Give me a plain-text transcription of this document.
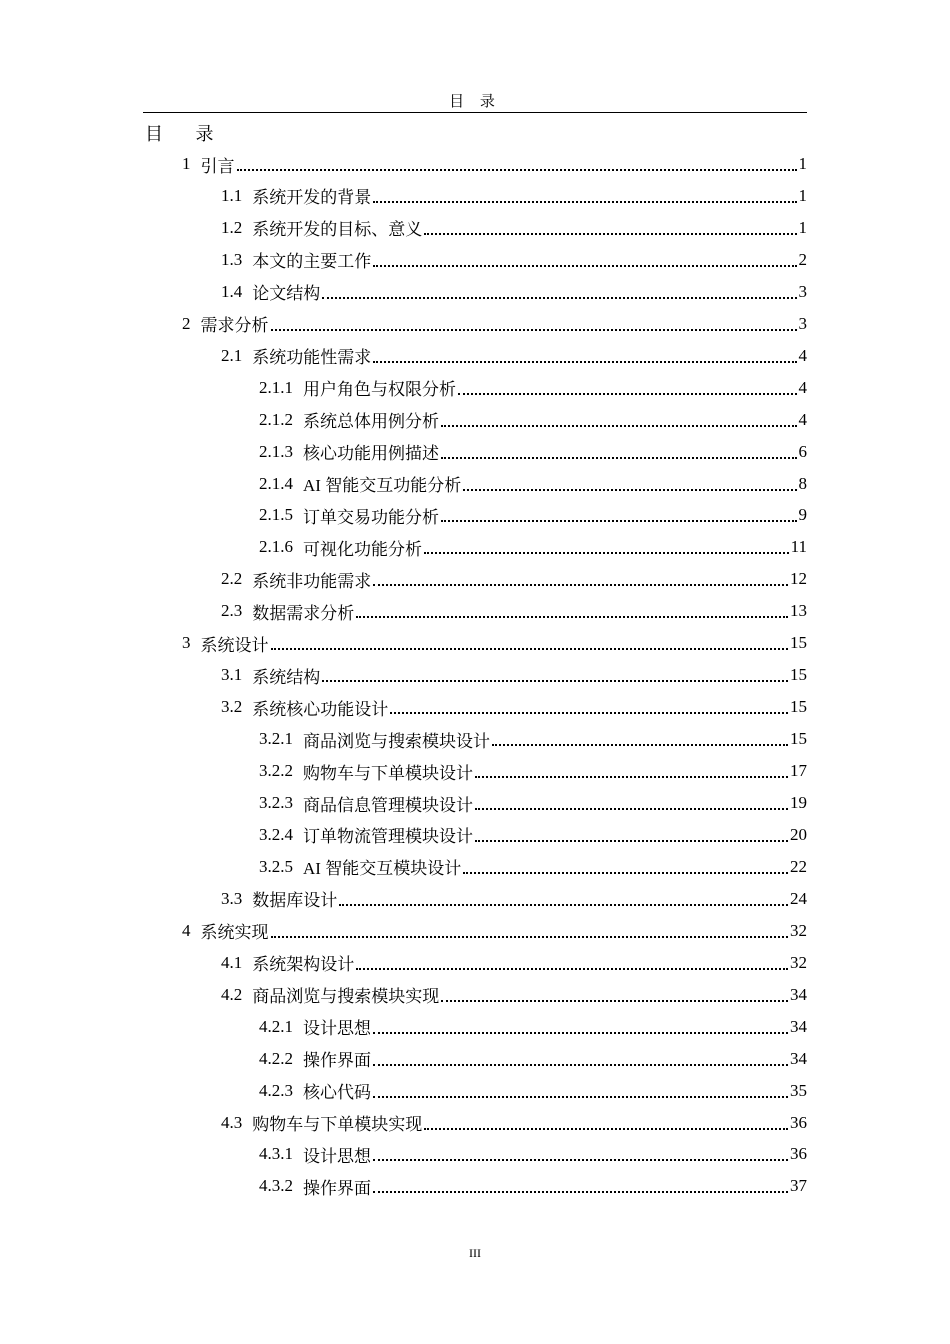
目 录
目 录
1 引言	1
1.1 系统开发的背景	1
1.2 系统开发的目标、意义	1
1.3 本文的主要工作	2
1.4 论文结构	3
2 需求分析	3
2.1 系统功能性需求	4
2.1.1 用户角色与权限分析	4
2.1.2 系统总体用例分析	4
2.1.3 核心功能用例描述	6
2.1.4 AI 智能交互功能分析	8
2.1.5 订单交易功能分析	9
2.1.6 可视化功能分析	11
2.2 系统非功能需求	12
2.3 数据需求分析	13
3 系统设计	15
3.1 系统结构	15
3.2 系统核心功能设计	15
3.2.1 商品浏览与搜索模块设计	15
3.2.2 购物车与下单模块设计	17
3.2.3 商品信息管理模块设计	19
3.2.4 订单物流管理模块设计	20
3.2.5 AI 智能交互模块设计	22
3.3 数据库设计	24
4 系统实现	32
4.1 系统架构设计	32
4.2 商品浏览与搜索模块实现	34
4.2.1 设计思想	34
4.2.2 操作界面	34
4.2.3 核心代码	35
4.3 购物车与下单模块实现	36
4.3.1 设计思想	36
4.3.2 操作界面	37
III
